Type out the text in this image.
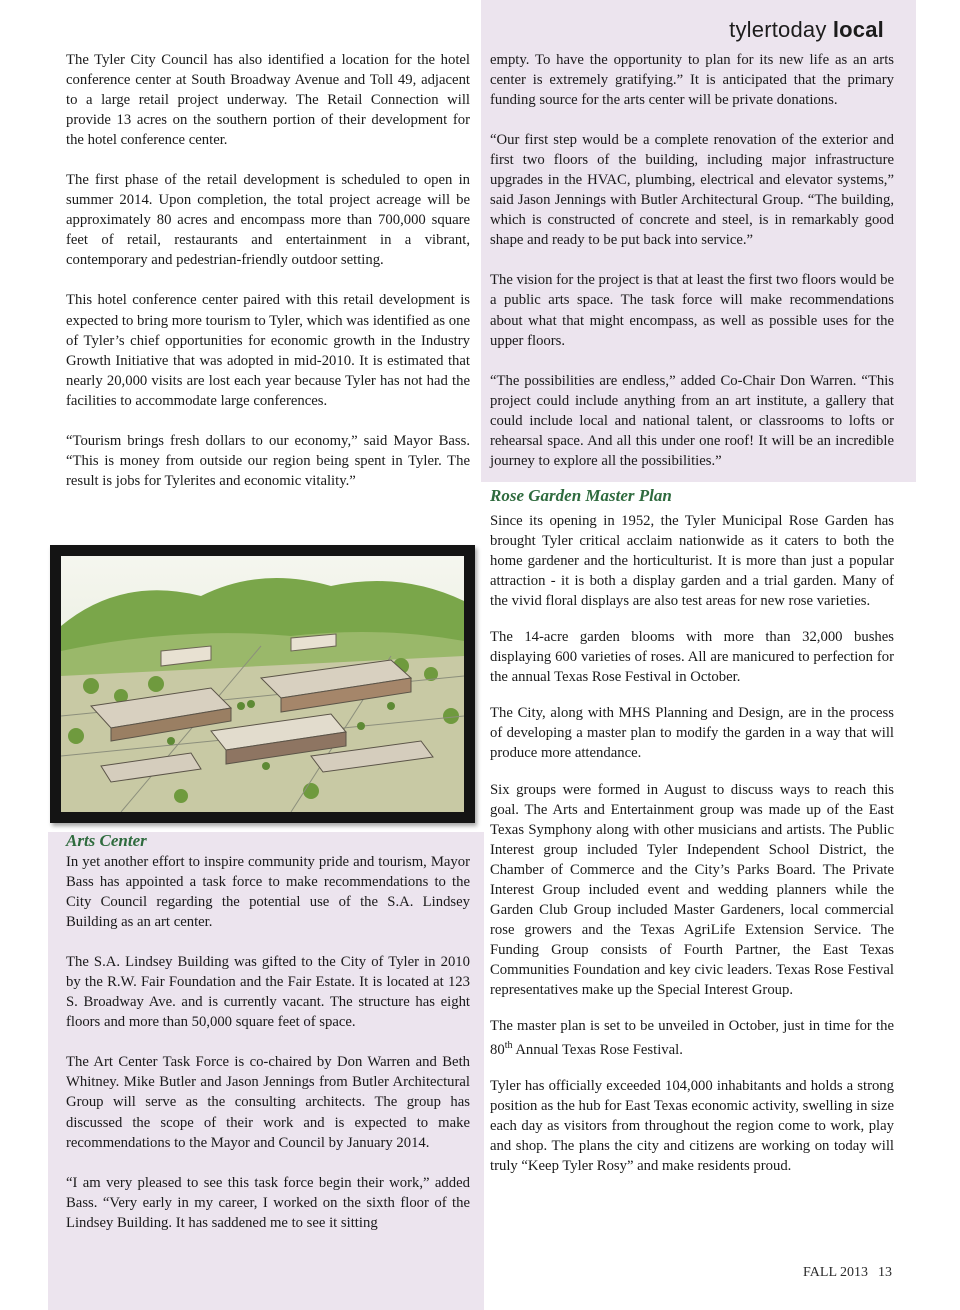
tylertoday local

The Tyler City Council has also identified a location for the hotel conference center at South Broadway Avenue and Toll 49, adjacent to a large retail project underway. The Retail Connection will provide 13 acres on the southern portion of their development for the hotel conference center.

The first phase of the retail development is scheduled to open in summer 2014. Upon completion, the total project acreage will be approximately 80 acres and encompass more than 700,000 square feet of retail, restaurants and entertainment in a vibrant, contemporary and pedestrian-friendly outdoor setting.

This hotel conference center paired with this retail development is expected to bring more tourism to Tyler, which was identified as one of Tyler’s chief opportunities for economic growth in the Industry Growth Initiative that was adopted in mid-2010. It is estimated that nearly 20,000 visits are lost each year because Tyler has not had the facilities to accommodate large conferences.

“Tourism brings fresh dollars to our economy,” said Mayor Bass. “This is money from outside our region being spent in Tyler. The result is jobs for Tylerites and economic vitality.”

empty. To have the opportunity to plan for its new life as an arts center is extremely gratifying.” It is anticipated that the primary funding source for the arts center will be private donations.

“Our first step would be a complete renovation of the exterior and first two floors of the building, including major infrastructure upgrades in the HVAC, plumbing, electrical and elevator systems,” said Jason Jennings with Butler Architectural Group. “The building, which is constructed of concrete and steel, is in remarkably good shape and ready to be put back into service.”

The vision for the project is that at least the first two floors would be a public arts space. The task force will make recommendations about what that might encompass, as well as possible uses for the upper floors.

“The possibilities are endless,” added Co-Chair Don Warren. “This project could include anything from an art institute, a gallery that could include local and national talent, or classrooms to lofts or rehearsal space. And all this under one roof! It will be an incredible journey to explore all the possibilities.”

Rose Garden Master Plan

Since its opening in 1952, the Tyler Municipal Rose Garden has brought Tyler critical acclaim nationwide as it caters to both the home gardener and the horticulturist. It is more than just a popular attraction - it is both a display garden and a trial garden. Many of the vivid floral displays are also test areas for new rose varieties.

The 14-acre garden blooms with more than 32,000 bushes displaying 600 varieties of roses. All are manicured to perfection for the annual Texas Rose Festival in October.

The City, along with MHS Planning and Design, are in the process of developing a master plan to modify the garden in a way that will produce more attendance.

Six groups were formed in August to discuss ways to reach this goal. The Arts and Entertainment group was made up of the East Texas Symphony along with other musicians and artists. The Public Interest group included Tyler Independent School District, the Chamber of Commerce and the City’s Parks Board. The Private Interest Group included event and wedding planners while the Garden Club Group included Master Gardeners, local commercial rose growers and the Texas AgriLife Extension Service. The Funding Group consists of Fourth Partner, the East Texas Communities Foundation and key civic leaders. Texas Rose Festival representatives make up the Special Interest Group.

The master plan is set to be unveiled in October, just in time for the 80th Annual Texas Rose Festival.

Tyler has officially exceeded 104,000 inhabitants and holds a strong position as the hub for East Texas economic activity, swelling in size each day as visitors from throughout the region come to work, play and shop. The plans the city and citizens are working on today will truly “Keep Tyler Rosy” and make residents proud.

Arts Center

In yet another effort to inspire community pride and tourism, Mayor Bass has appointed a task force to make recommendations to the City Council regarding the potential use of the S.A. Lindsey Building as an art center.

The S.A. Lindsey Building was gifted to the City of Tyler in 2010 by the R.W. Fair Foundation and the Fair Estate. It is located at 123 S. Broadway Ave. and is currently vacant. The structure has eight floors and more than 50,000 square feet of space.

The Art Center Task Force is co-chaired by Don Warren and Beth Whitney. Mike Butler and Jason Jennings from Butler Architectural Group will serve as the consulting architects. The group has discussed the scope of their work and is expected to make recommendations to the Mayor and Council by January 2014.

“I am very pleased to see this task force begin their work,” added Bass. “Very early in my career, I worked on the sixth floor of the Lindsey Building. It has saddened me to see it sitting

FALL 2013 13
